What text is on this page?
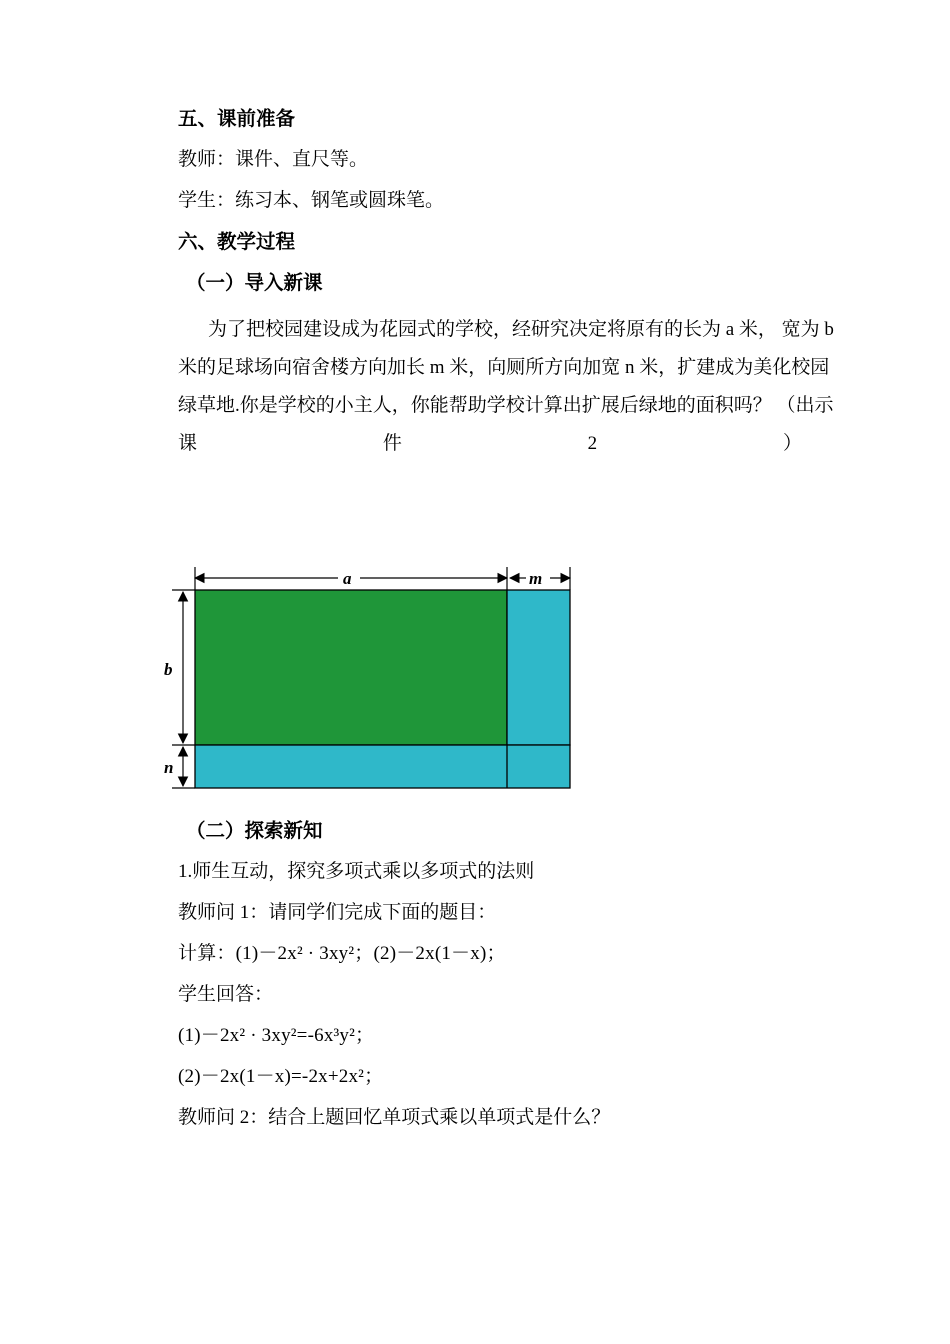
五、课前准备
教师：课件、直尺等。
学生：练习本、钢笔或圆珠笔。
六、教学过程
（一）导入新课
为了把校园建设成为花园式的学校，经研究决定将原有的长为 a 米， 宽为 b
米的足球场向宿舍楼方向加长 m 米，向厕所方向加宽 n 米，扩建成为美化校园
绿草地.你是学校的小主人，你能帮助学校计算出扩展后绿地的面积吗？ （出示
课	件	2	）
a	m
b
n
（二）探索新知
1.师生互动，探究多项式乘以多项式的法则
教师问 1：请同学们完成下面的题目：
计算：(1)－2x² · 3xy²；(2)－2x(1－x)；
学生回答：
(1)－2x² · 3xy²=-6x³y²；
(2)－2x(1－x)=-2x+2x²；
教师问 2：结合上题回忆单项式乘以单项式是什么？
